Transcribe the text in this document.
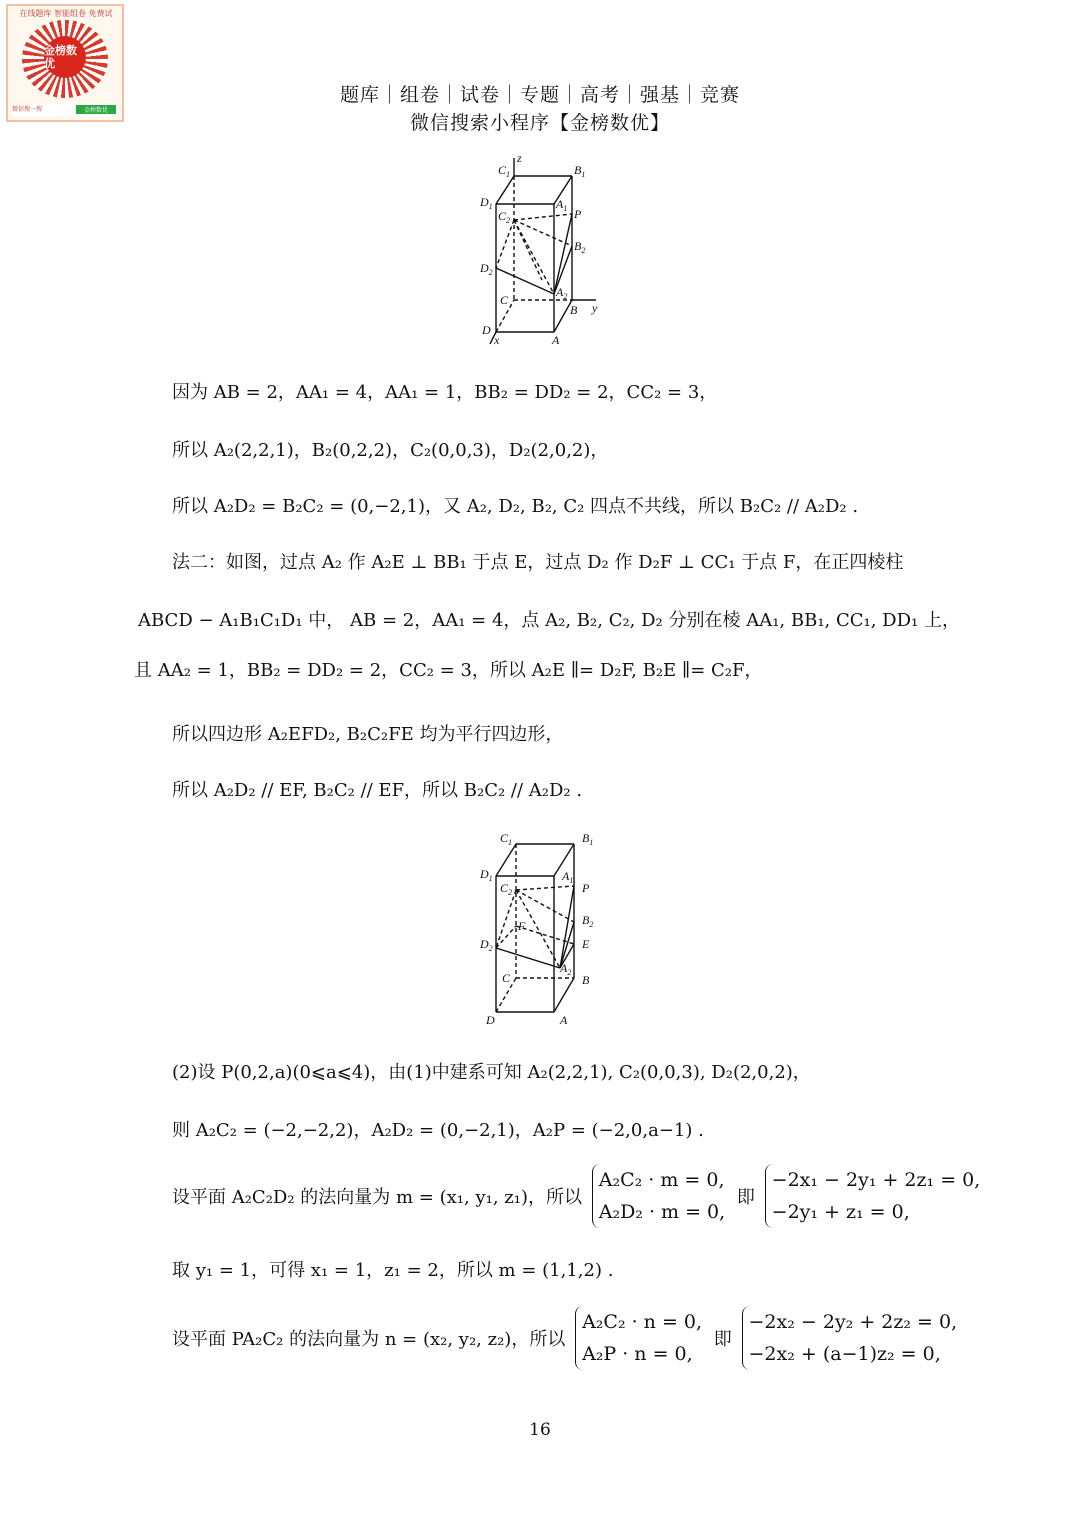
在线题库 智能组卷 免费试
金榜数优
微信搜一搜	金榜数优
题库｜组卷｜试卷｜专题｜高考｜强基｜竞赛
微信搜索小程序【金榜数优】
$C_1$
z
$B_1$
$D_1$	$A_1$ P
$C_2$
$B_2$
$D_2$
C
$A_2$
B y
D
x	A
因为 AB = 2，AA₁ = 4，AA₁ = 1，BB₂ = DD₂ = 2，CC₂ = 3，
所以 A₂(2,2,1)，B₂(0,2,2)，C₂(0,0,3)，D₂(2,0,2)，
所以 A₂D₂ = B₂C₂ = (0,−2,1)，又 A₂, D₂, B₂, C₂ 四点不共线，所以 B₂C₂ // A₂D₂ .
法二：如图，过点 A₂ 作 A₂E ⊥ BB₁ 于点 E，过点 D₂ 作 D₂F ⊥ CC₁ 于点 F，在正四棱柱
ABCD − A₁B₁C₁D₁ 中， AB = 2，AA₁ = 4，点 A₂, B₂, C₂, D₂ 分别在棱 AA₁, BB₁, CC₁, DD₁ 上，
且 AA₂ = 1，BB₂ = DD₂ = 2，CC₂ = 3，所以 A₂E ∥= D₂F, B₂E ∥= C₂F，
所以四边形 A₂EFD₂, B₂C₂FE 均为平行四边形，
所以 A₂D₂ // EF, B₂C₂ // EF，所以 B₂C₂ // A₂D₂ .
$C_1$	$B_1$
$D_1$	$A_1$
P
$C_2$
$B_2$
F
$D_2$	E
$A_2$
C	B
D	A
(2)设 P(0,2,a)(0⩽a⩽4)，由(1)中建系可知 A₂(2,2,1), C₂(0,0,3), D₂(2,0,2)，
则 A₂C₂ = (−2,−2,2)，A₂D₂ = (0,−2,1)，A₂P = (−2,0,a−1) .
设平面 A₂C₂D₂ 的法向量为 m = (x₁, y₁, z₁)，所以
A₂C₂ · m = 0,
A₂D₂ · m = 0,
即
−2x₁ − 2y₁ + 2z₁ = 0,
−2y₁ + z₁ = 0,
取 y₁ = 1，可得 x₁ = 1，z₁ = 2，所以 m = (1,1,2) .
设平面 PA₂C₂ 的法向量为 n = (x₂, y₂, z₂)，所以
A₂C₂ · n = 0,
A₂P · n = 0,
即
−2x₂ − 2y₂ + 2z₂ = 0,
−2x₂ + (a−1)z₂ = 0,
16
